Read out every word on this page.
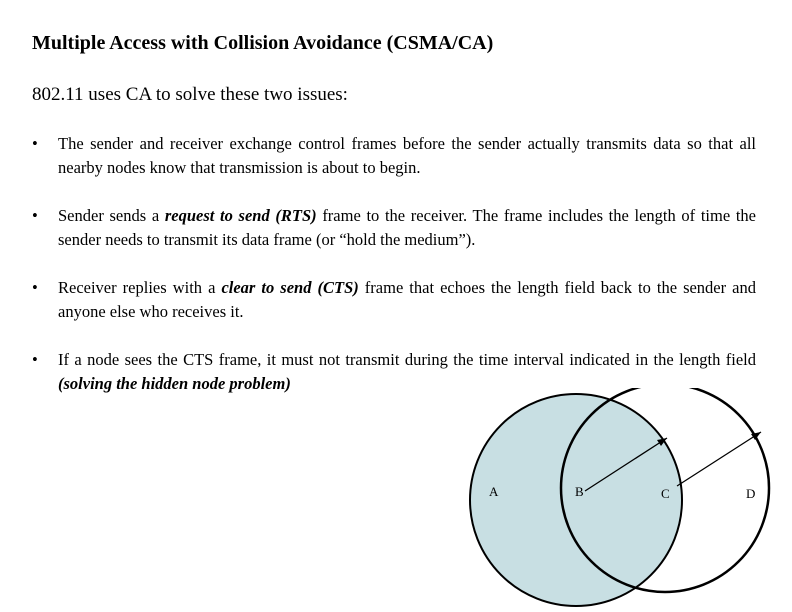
Multiple Access with Collision Avoidance (CSMA/CA)

802.11 uses CA to solve these two issues:

• The sender and receiver exchange control frames before the sender actually transmits data so that all nearby nodes know that transmission is about to begin.
• Sender sends a request to send (RTS) frame to the receiver. The frame includes the length of time the sender needs to transmit its data frame (or “hold the medium”).
• Receiver replies with a clear to send (CTS) frame that echoes the length field back to the sender and anyone else who receives it.
• If a node sees the CTS frame, it must not transmit during the time interval indicated in the length field (solving the hidden node problem)
A	B	C	D
